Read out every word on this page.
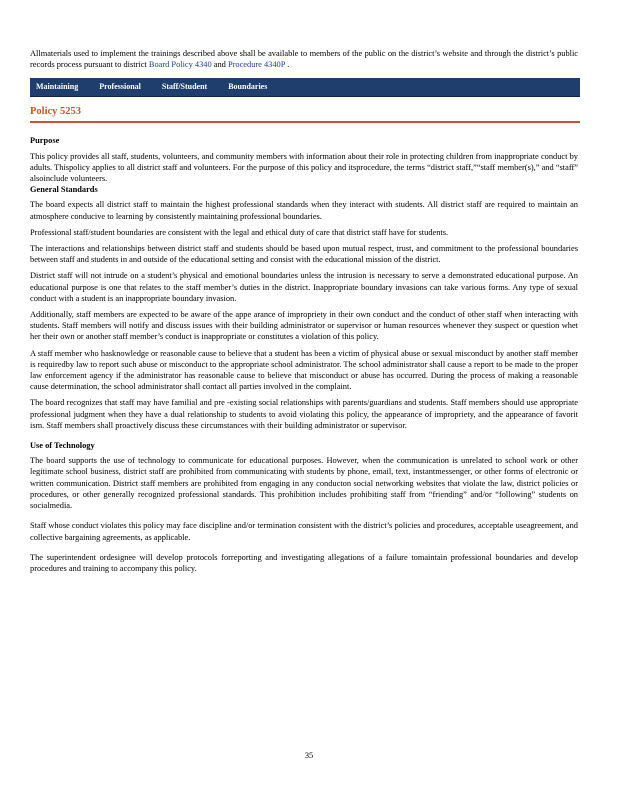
Allmaterials used to implement the trainings described above shall be available to members of the public on the district’s website and through the district’s public records process pursuant to district Board Policy 4340 and Procedure 4340P .

Maintaining	Professional	Staff/Student	Boundaries
Policy 5253
Purpose

This policy provides all staff, students, volunteers, and community members with information about their role in protecting children from inappropriate conduct by adults. Thispolicy applies to all district staff and volunteers. For the purpose of this policy and itsprocedure, the terms “district staff,”“staff member(s),” and “staff” alsoinclude volunteers.

General Standards

The board expects all district staff to maintain the highest professional standards when they interact with students. All district staff are required to maintain an atmosphere conducive to learning by consistently maintaining professional boundaries.

Professional staff/student boundaries are consistent with the legal and ethical duty of care that district staff have for students.

The interactions and relationships between district staff and students should be based upon mutual respect, trust, and commitment to the professional boundaries between staff and students in and outside of the educational setting and consist with the educational mission of the district.

District staff will not intrude on a student’s physical and emotional boundaries unless the intrusion is necessary to serve a demonstrated educational purpose. An educational purpose is one that relates to the staff member’s duties in the district. Inappropriate boundary invasions can take various forms. Any type of sexual conduct with a student is an inappropriate boundary invasion.

Additionally, staff members are expected to be aware of the appe arance of impropriety in their own conduct and the conduct of other staff when interacting with students. Staff members will notify and discuss issues with their building administrator or supervisor or human resources whenever they suspect or question whet her their own or another staff member’s conduct is inappropriate or constitutes a violation of this policy.

A staff member who hasknowledge or reasonable cause to believe that a student has been a victim of physical abuse or sexual misconduct by another staff member is requiredby law to report such abuse or misconduct to the appropriate school administrator. The school administrator shall cause a report to be made to the proper law enforcement agency if the administrator has reasonable cause to believe that misconduct or abuse has occurred. During the process of making a reasonable cause determination, the school administrator shall contact all parties involved in the complaint.

The board recognizes that staff may have familial and pre -existing social relationships with parents/guardians and students. Staff members should use appropriate professional judgment when they have a dual relationship to students to avoid violating this policy, the appearance of impropriety, and the appearance of favorit ism. Staff members shall proactively discuss these circumstances with their building administrator or supervisor.

Use of Technology

The board supports the use of technology to communicate for educational purposes. However, when the communication is unrelated to school work or other legitimate school business, district staff are prohibited from communicating with students by phone, email, text, instantmessenger, or other forms of electronic or written communication. District staff members are prohibited from engaging in any conducton social networking websites that violate the law, district policies or procedures, or other generally recognized professional standards. This prohibition includes prohibiting staff from “friending” and/or “following” students on socialmedia.

Staff whose conduct violates this policy may face discipline and/or termination consistent with the district’s policies and procedures, acceptable useagreement, and collective bargaining agreements, as applicable.

The superintendent ordesignee will develop protocols forreporting and investigating allegations of a failure tomaintain professional boundaries and develop procedures and training to accompany this policy.

35
